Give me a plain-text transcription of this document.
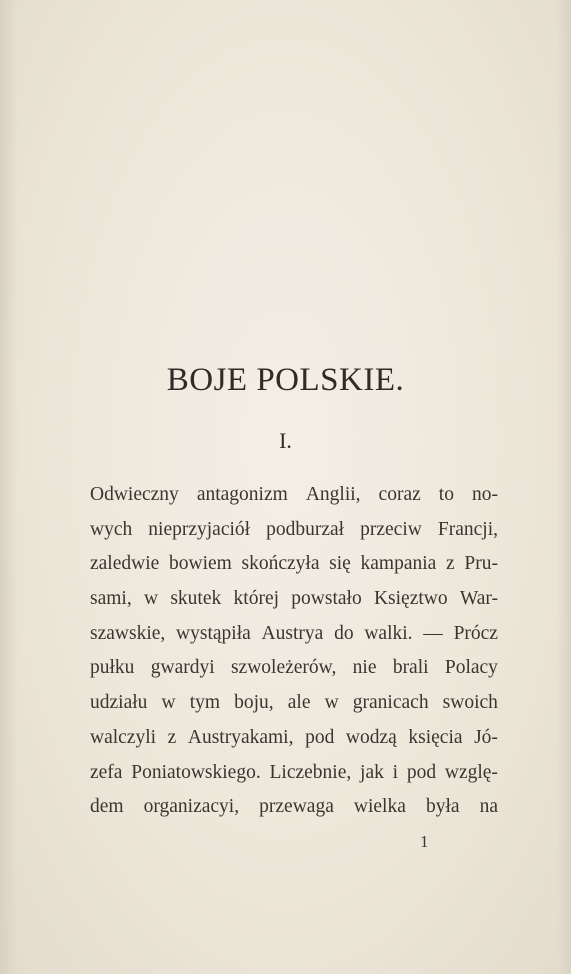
BOJE POLSKIE.
I.
Odwieczny antagonizm Anglii, coraz to no-
wych nieprzyjaciół podburzał przeciw Francji,
zaledwie bowiem skończyła się kampania z Pru-
sami, w skutek której powstało Księztwo War-
szawskie, wystąpiła Austrya do walki. — Prócz
pułku gwardyi szwoleżerów, nie brali Polacy
udziału w tym boju, ale w granicach swoich
walczyli z Austryakami, pod wodzą księcia Jó-
zefa Poniatowskiego. Liczebnie, jak i pod wzglę-
dem organizacyi, przewaga wielka była na
1
